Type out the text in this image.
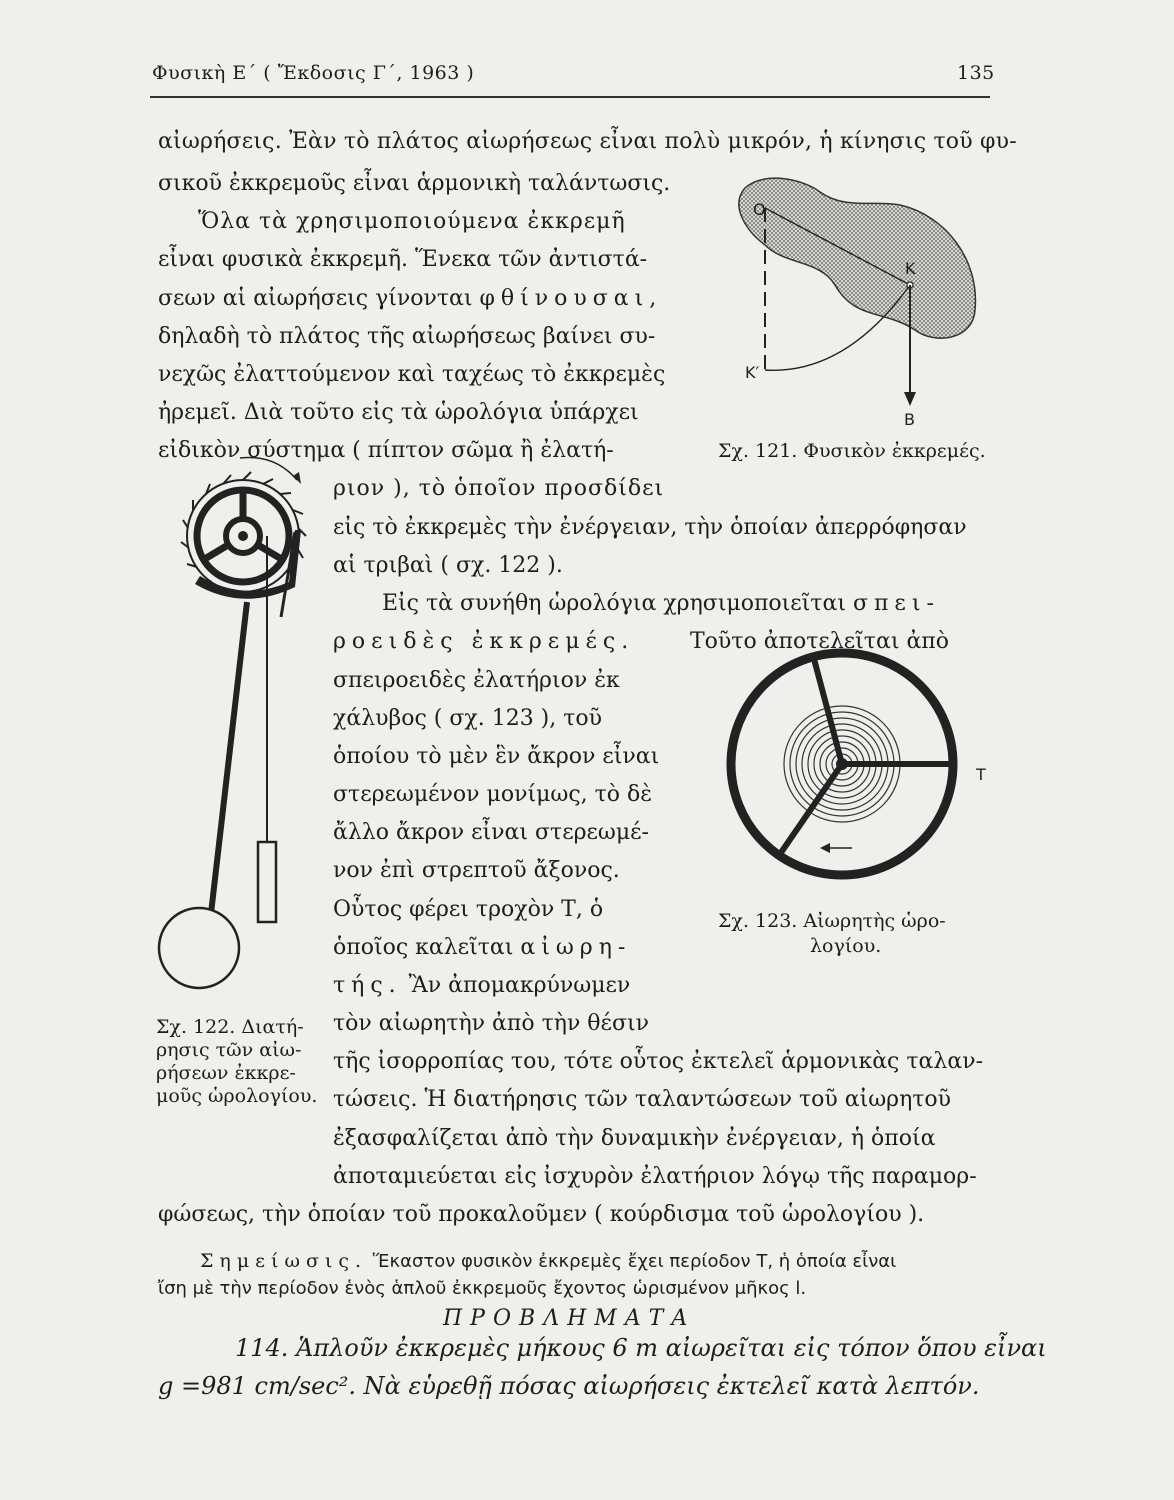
Φυσικὴ Ε΄ ( Ἔκδοσις Γ΄, 1963 )	135
αἰωρήσεις. Ἐὰν τὸ πλάτος αἰωρήσεως εἶναι πολὺ μικρόν, ἡ κίνησις τοῦ φυ-
σικοῦ ἐκκρεμοῦς εἶναι ἁρμονικὴ ταλάντωσις.
Ὅλα τὰ χρησιμοποιούμενα ἐκκρεμῆ
εἶναι φυσικὰ ἐκκρεμῆ. Ἕνεκα τῶν ἀντιστά-
σεων αἱ αἰωρήσεις γίνονται φθίνουσαι,
δηλαδὴ τὸ πλάτος τῆς αἰωρήσεως βαίνει συ-
νεχῶς ἐλαττούμενον καὶ ταχέως τὸ ἐκκρεμὲς
ἠρεμεῖ. Διὰ τοῦτο εἰς τὰ ὡρολόγια ὑπάρχει
εἰδικὸν σύστημα ( πίπτον σῶμα ἢ ἐλατή-
ριον ), τὸ ὁποῖον προσδίδει
εἰς τὸ ἐκκρεμὲς τὴν ἐνέργειαν, τὴν ὁποίαν ἀπερρόφησαν
αἱ τριβαὶ ( σχ. 122 ).
Εἰς τὰ συνήθη ὡρολόγια χρησιμοποιεῖται σπει-
ροειδὲς ἐκκρεμές.	Τοῦτο ἀποτελεῖται ἀπὸ
σπειροειδὲς ἐλατήριον ἐκ
χάλυβος ( σχ. 123 ), τοῦ
ὁποίου τὸ μὲν ἓν ἄκρον εἶναι
στερεωμένον μονίμως, τὸ δὲ
ἄλλο ἄκρον εἶναι στερεωμέ-
νον ἐπὶ στρεπτοῦ ἄξονος.
Οὗτος φέρει τροχὸν Τ, ὁ
ὁποῖος καλεῖται αἰωρη-
τής. Ἂν ἀπομακρύνωμεν
τὸν αἰωρητὴν ἀπὸ τὴν θέσιν
τῆς ἰσορροπίας του, τότε οὗτος ἐκτελεῖ ἁρμονικὰς ταλαν-
τώσεις. Ἡ διατήρησις τῶν ταλαντώσεων τοῦ αἰωρητοῦ
ἐξασφαλίζεται ἀπὸ τὴν δυναμικὴν ἐνέργειαν, ἡ ὁποία
ἀποταμιεύεται εἰς ἰσχυρὸν ἐλατήριον λόγῳ τῆς παραμορ-
φώσεως, τὴν ὁποίαν τοῦ προκαλοῦμεν ( κούρδισμα τοῦ ὡρολογίου ).
O
K
K′
B
Σχ. 121. Φυσικὸν ἐκκρεμές.
Σχ. 122. Διατή-
ρησις τῶν αἰω-
ρήσεων ἐκκρε-
μοῦς ὡρολογίου.
T
Σχ. 123. Αἰωρητὴς ὡρο-
λογίου.
Σημείωσις. Ἕκαστον φυσικὸν ἐκκρεμὲς ἔχει περίοδον Τ, ἡ ὁποία εἶναι
ἴση μὲ τὴν περίοδον ἑνὸς ἁπλοῦ ἐκκρεμοῦς ἔχοντος ὡρισμένον μῆκος l.
ΠΡΟΒΛΗΜΑΤΑ
114. Ἁπλοῦν ἐκκρεμὲς μήκους 6 m αἰωρεῖται εἰς τόπον ὅπου εἶναι
g =981 cm/sec². Νὰ εὑρεθῇ πόσας αἰωρήσεις ἐκτελεῖ κατὰ λεπτόν.
